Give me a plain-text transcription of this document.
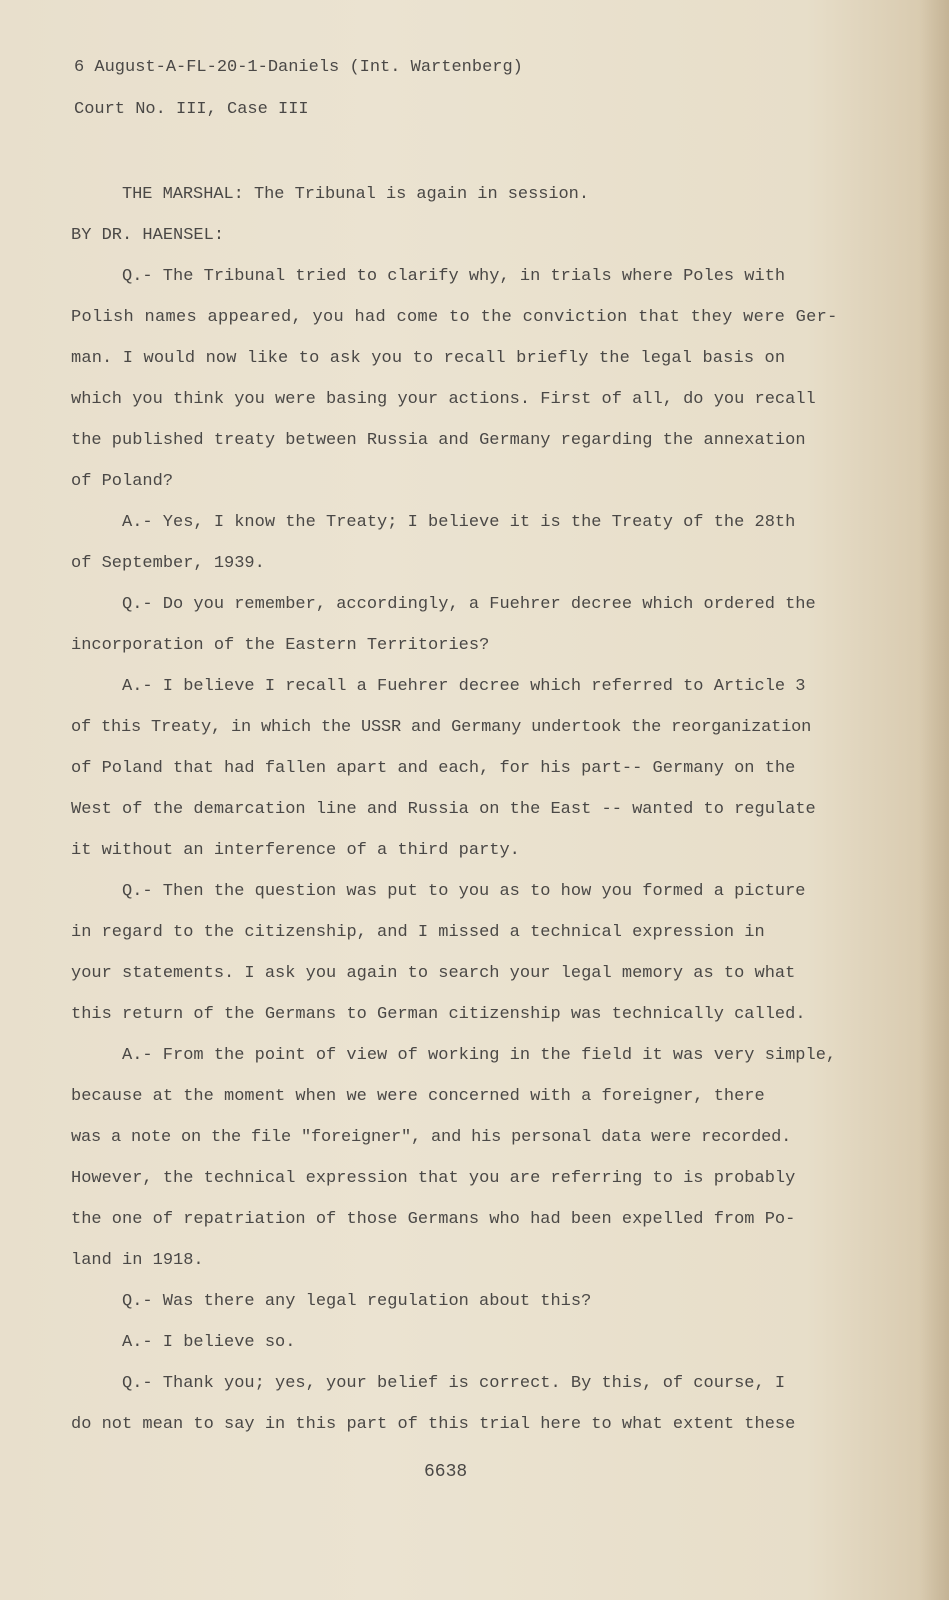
6 August-A-FL-20-1-Daniels (Int. Wartenberg)
Court No. III, Case III
THE MARSHAL: The Tribunal is again in session.
BY DR. HAENSEL:
Q.- The Tribunal tried to clarify why, in trials where Poles with
Polish names appeared, you had come to the conviction that they were Ger-
man. I would now like to ask you to recall briefly the legal basis on
which you think you were basing your actions. First of all, do you recall
the published treaty between Russia and Germany regarding the annexation
of Poland?
A.- Yes, I know the Treaty; I believe it is the Treaty of the 28th
of September, 1939.
Q.- Do you remember, accordingly, a Fuehrer decree which ordered the
incorporation of the Eastern Territories?
A.- I believe I recall a Fuehrer decree which referred to Article 3
of this Treaty, in which the USSR and Germany undertook the reorganization
of Poland that had fallen apart and each, for his part-- Germany on the
West of the demarcation line and Russia on the East -- wanted to regulate
it without an interference of a third party.
Q.- Then the question was put to you as to how you formed a picture
in regard to the citizenship, and I missed a technical expression in
your statements. I ask you again to search your legal memory as to what
this return of the Germans to German citizenship was technically called.
A.- From the point of view of working in the field it was very simple,
because at the moment when we were concerned with a foreigner, there
was a note on the file "foreigner", and his personal data were recorded.
However, the technical expression that you are referring to is probably
the one of repatriation of those Germans who had been expelled from Po-
land in 1918.
Q.- Was there any legal regulation about this?
A.- I believe so.
Q.- Thank you; yes, your belief is correct. By this, of course, I
do not mean to say in this part of this trial here to what extent these
6638
